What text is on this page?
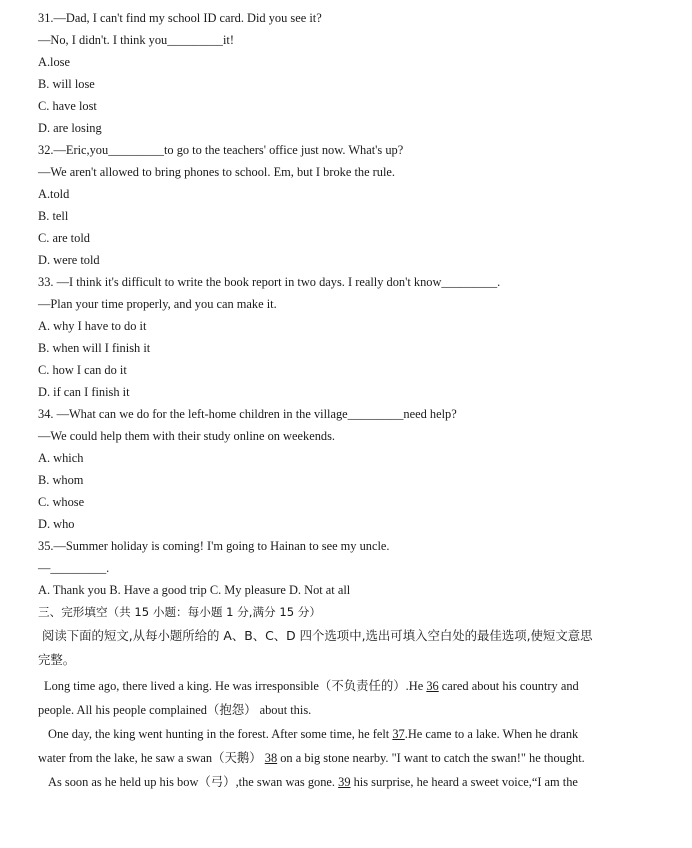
31.—Dad, I can't find my school ID card. Did you see it?
—No, I didn't. I think you_________it!
A.lose
B. will lose
C. have lost
D. are losing
32.—Eric,you_________to go to the teachers' office just now. What's up?
—We aren't allowed to bring phones to school. Em, but I broke the rule.
A.told
B. tell
C. are told
D. were told
33. —I think it's difficult to write the book report in two days. I really don't know_________.
—Plan your time properly, and you can make it.
A. why I have to do it
B. when will I finish it
C. how I can do it
D. if can I finish it
34. —What can we do for the left-home children in the village_________need help?
—We could help them with their study online on weekends.
A. which
B. whom
C. whose
D. who
35.—Summer holiday is coming! I'm going to Hainan to see my uncle.
—_________.
A. Thank you B. Have a good trip C. My pleasure D. Not at all
三、完形填空（共 15 小题：每小题 1 分,满分 15 分）
阅读下面的短文,从每小题所给的 A、B、C、D 四个选项中,选出可填入空白处的最佳选项,使短文意思完整。
Long time ago, there lived a king. He was irresponsible（不负责任的）.He 36 cared about his country and people. All his people complained（抱怨） about this.
One day, the king went hunting in the forest. After some time, he felt 37.He came to a lake. When he drank water from the lake, he saw a swan（天鹅） 38 on a big stone nearby. "I want to catch the swan!" he thought.
As soon as he held up his bow（弓）,the swan was gone. 39 his surprise, he heard a sweet voice,“I am the
